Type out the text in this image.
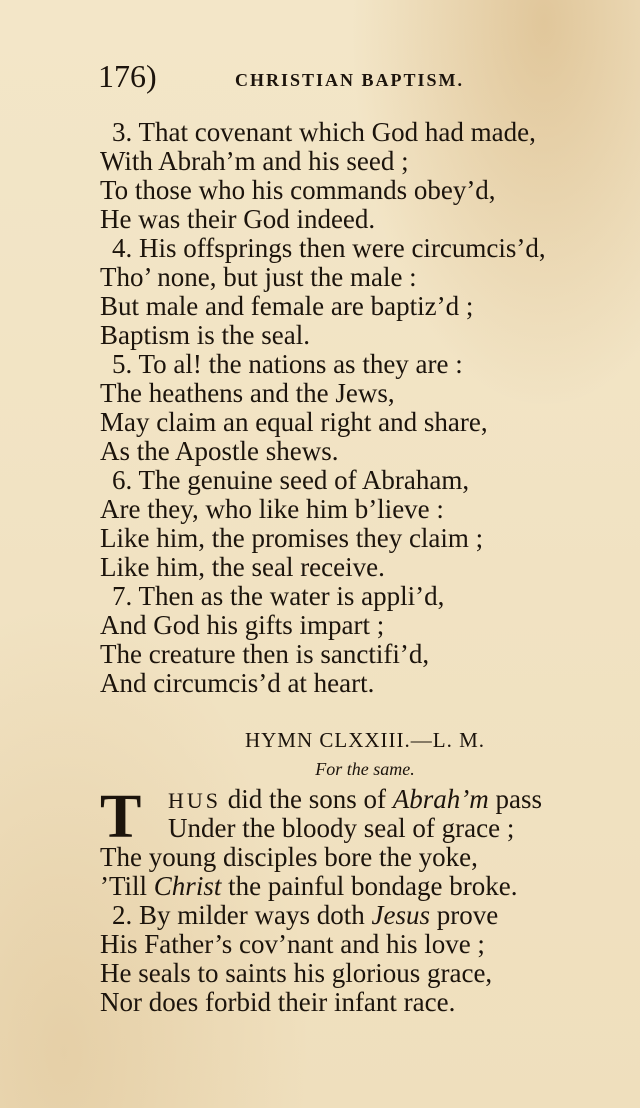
176)	CHRISTIAN BAPTISM.
3. That covenant which God had made,
With Abrah’m and his seed ;
To those who his commands obey’d,
He was their God indeed.
4. His offsprings then were circumcis’d,
Tho’ none, but just the male :
But male and female are baptiz’d ;
Baptism is the seal.
5. To al! the nations as they are :
The heathens and the Jews,
May claim an equal right and share,
As the Apostle shews.
6. The genuine seed of Abraham,
Are they, who like him b’lieve :
Like him, the promises they claim ;
Like him, the seal receive.
7. Then as the water is appli’d,
And God his gifts impart ;
The creature then is sanctifi’d,
And circumcis’d at heart.
HYMN CLXXIII.—L. M.
For the same.
T	HUS did the sons of Abrah’m pass
Under the bloody seal of grace ;
The young disciples bore the yoke,
’Till Christ the painful bondage broke.
2. By milder ways doth Jesus prove
His Father’s cov’nant and his love ;
He seals to saints his glorious grace,
Nor does forbid their infant race.
